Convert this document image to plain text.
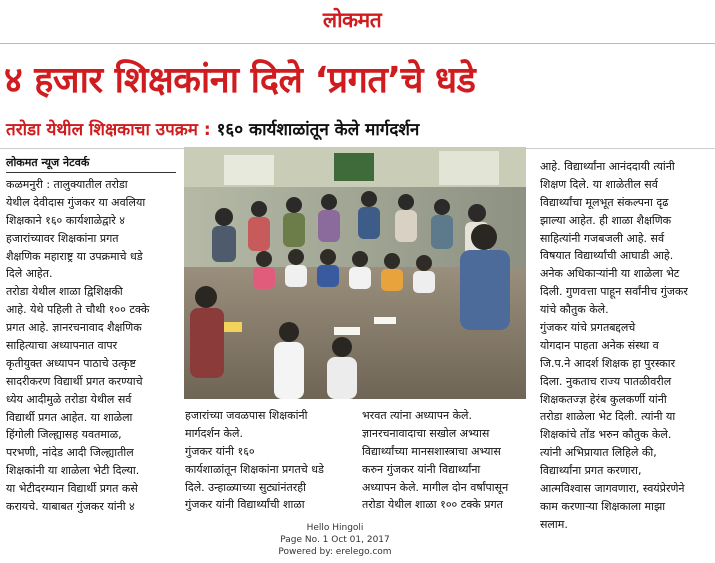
लोकमत
४ हजार शिक्षकांना दिले ‘प्रगत’चे धडे
तरोडा येथील शिक्षकाचा उपक्रम : १६० कार्यशाळांतून केले मार्गदर्शन
लोकमत न्यूज नेटवर्क
कळमनुरी : तालुक्यातील तरोडा
येथील देवीदास गुंजकर या अवलिया
शिक्षकाने १६० कार्यशाळेद्वारे ४
हजारांच्यावर शिक्षकांना प्रगत
शैक्षणिक महाराष्ट्र या उपक्रमाचे धडे
दिले आहेत.
तरोडा येथील शाळा द्विशिक्षकी
आहे. येथे पहिली ते चौथी १०० टक्के
प्रगत आहे. ज्ञानरचनावाद शैक्षणिक
साहित्याचा अध्यापनात वापर
कृतीयुक्त अध्यापन पाठाचे उत्कृष्ट
सादरीकरण विद्यार्थी प्रगत करण्याचे
ध्येय आदीमुळे तरोडा येथील सर्व
विद्यार्थी प्रगत आहेत. या शाळेला
हिंगोली जिल्ह्यासह यवतमाळ,
परभणी, नांदेड आदी जिल्ह्यातील
शिक्षकांनी या शाळेला भेटी दिल्या.
या भेटीदरम्यान विद्यार्थी प्रगत कसे
करायचे. याबाबत गुंजकर यांनी ४
हजारांच्या जवळपास शिक्षकांनी
मार्गदर्शन केले.
गुंजकर यांनी १६०
कार्यशाळांतून शिक्षकांना प्रगतचे धडे
दिले. उन्हाळ्याच्या सुट्यांनंतरही
गुंजकर यांनी विद्यार्थ्यांची शाळा
भरवत त्यांना अध्यापन केले.
ज्ञानरचनावादाचा सखोल अभ्यास
विद्यार्थ्यांच्या मानसशास्त्राचा अभ्यास
करुन गुंजकर यांनी विद्यार्थ्यांना
अध्यापन केले. मागील दोन वर्षांपासून
तरोडा येथील शाळा १०० टक्के प्रगत
आहे. विद्यार्थ्यांना आनंददायी त्यांनी
शिक्षण दिले. या शाळेतील सर्व
विद्यार्थ्यांचा मूलभूत संकल्पना दृढ
झाल्या आहेत. ही शाळा शैक्षणिक
साहित्यांनी गजबजली आहे. सर्व
विषयात विद्यार्थ्यांची आघाडी आहे.
अनेक अधिकाऱ्यांनी या शाळेला भेट
दिली. गुणवत्ता पाहून सर्वांनीच गुंजकर
यांचे कौतुक केले.
गुंजकर यांचे प्रगतबद्दलचे
योगदान पाहता अनेक संस्था व
जि.प.ने आदर्श शिक्षक हा पुरस्कार
दिला. नुकताच राज्य पातळीवरील
शिक्षकतज्ज्ञ हेरंब कुलकर्णी यांनी
तरोडा शाळेला भेट दिली. त्यांनी या
शिक्षकांचे तोंड भरुन कौतुक केले.
त्यांनी अभिप्रायात लिहिले की,
विद्यार्थ्यांना प्रगत करणारा,
आत्मविश्वास जागवणारा, स्वयंप्रेरणेने
काम करणाऱ्या शिक्षकाला माझा
सलाम.
Hello Hingoli
Page No. 1 Oct 01, 2017
Powered by: erelego.com
